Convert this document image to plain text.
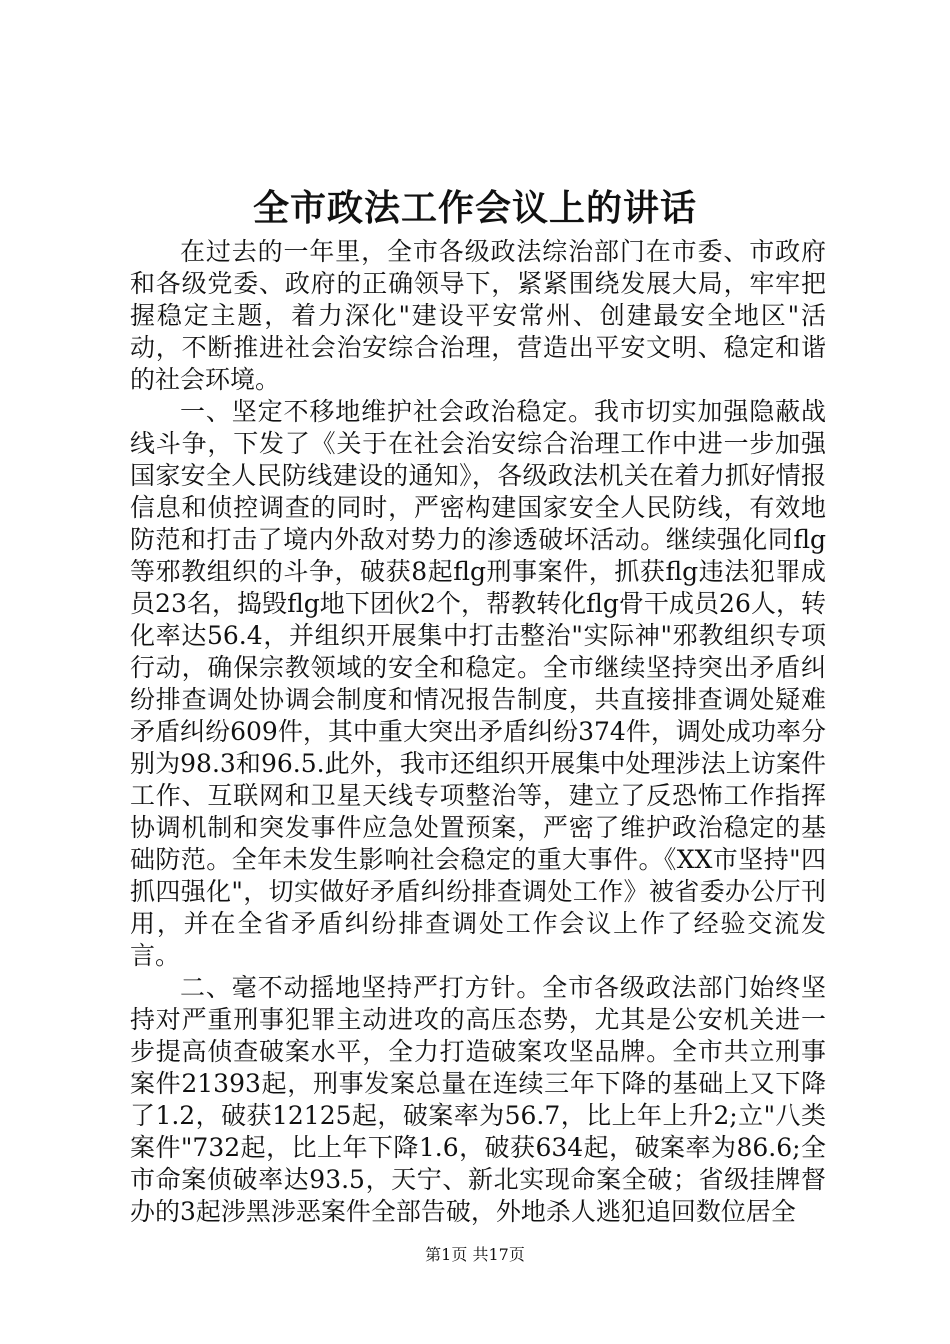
全市政法工作会议上的讲话

在过去的一年里，全市各级政法综治部门在市委、市政府和各级党委、政府的正确领导下，紧紧围绕发展大局，牢牢把握稳定主题，着力深化"建设平安常州、创建最安全地区"活动，不断推进社会治安综合治理，营造出平安文明、稳定和谐的社会环境。

一、坚定不移地维护社会政治稳定。我市切实加强隐蔽战线斗争，下发了《关于在社会治安综合治理工作中进一步加强国家安全人民防线建设的通知》，各级政法机关在着力抓好情报信息和侦控调查的同时，严密构建国家安全人民防线，有效地防范和打击了境内外敌对势力的渗透破坏活动。继续强化同flg等邪教组织的斗争，破获8起flg刑事案件，抓获flg违法犯罪成员23名，捣毁flg地下团伙2个，帮教转化flg骨干成员26人，转化率达56.4，并组织开展集中打击整治"实际神"邪教组织专项行动，确保宗教领域的安全和稳定。全市继续坚持突出矛盾纠纷排查调处协调会制度和情况报告制度，共直接排查调处疑难矛盾纠纷609件，其中重大突出矛盾纠纷374件，调处成功率分别为98.3和96.5.此外，我市还组织开展集中处理涉法上访案件工作、互联网和卫星天线专项整治等，建立了反恐怖工作指挥协调机制和突发事件应急处置预案，严密了维护政治稳定的基础防范。全年未发生影响社会稳定的重大事件。《XX市坚持"四抓四强化"，切实做好矛盾纠纷排查调处工作》被省委办公厅刊用，并在全省矛盾纠纷排查调处工作会议上作了经验交流发言。

二、毫不动摇地坚持严打方针。全市各级政法部门始终坚持对严重刑事犯罪主动进攻的高压态势，尤其是公安机关进一步提高侦查破案水平，全力打造破案攻坚品牌。全市共立刑事案件21393起，刑事发案总量在连续三年下降的基础上又下降了1.2，破获12125起，破案率为56.7，比上年上升2;立"八类案件"732起，比上年下降1.6，破获634起，破案率为86.6;全市命案侦破率达93.5，天宁、新北实现命案全破；省级挂牌督办的3起涉黑涉恶案件全部告破，外地杀人逃犯追回数位居全

第1页 共17页
